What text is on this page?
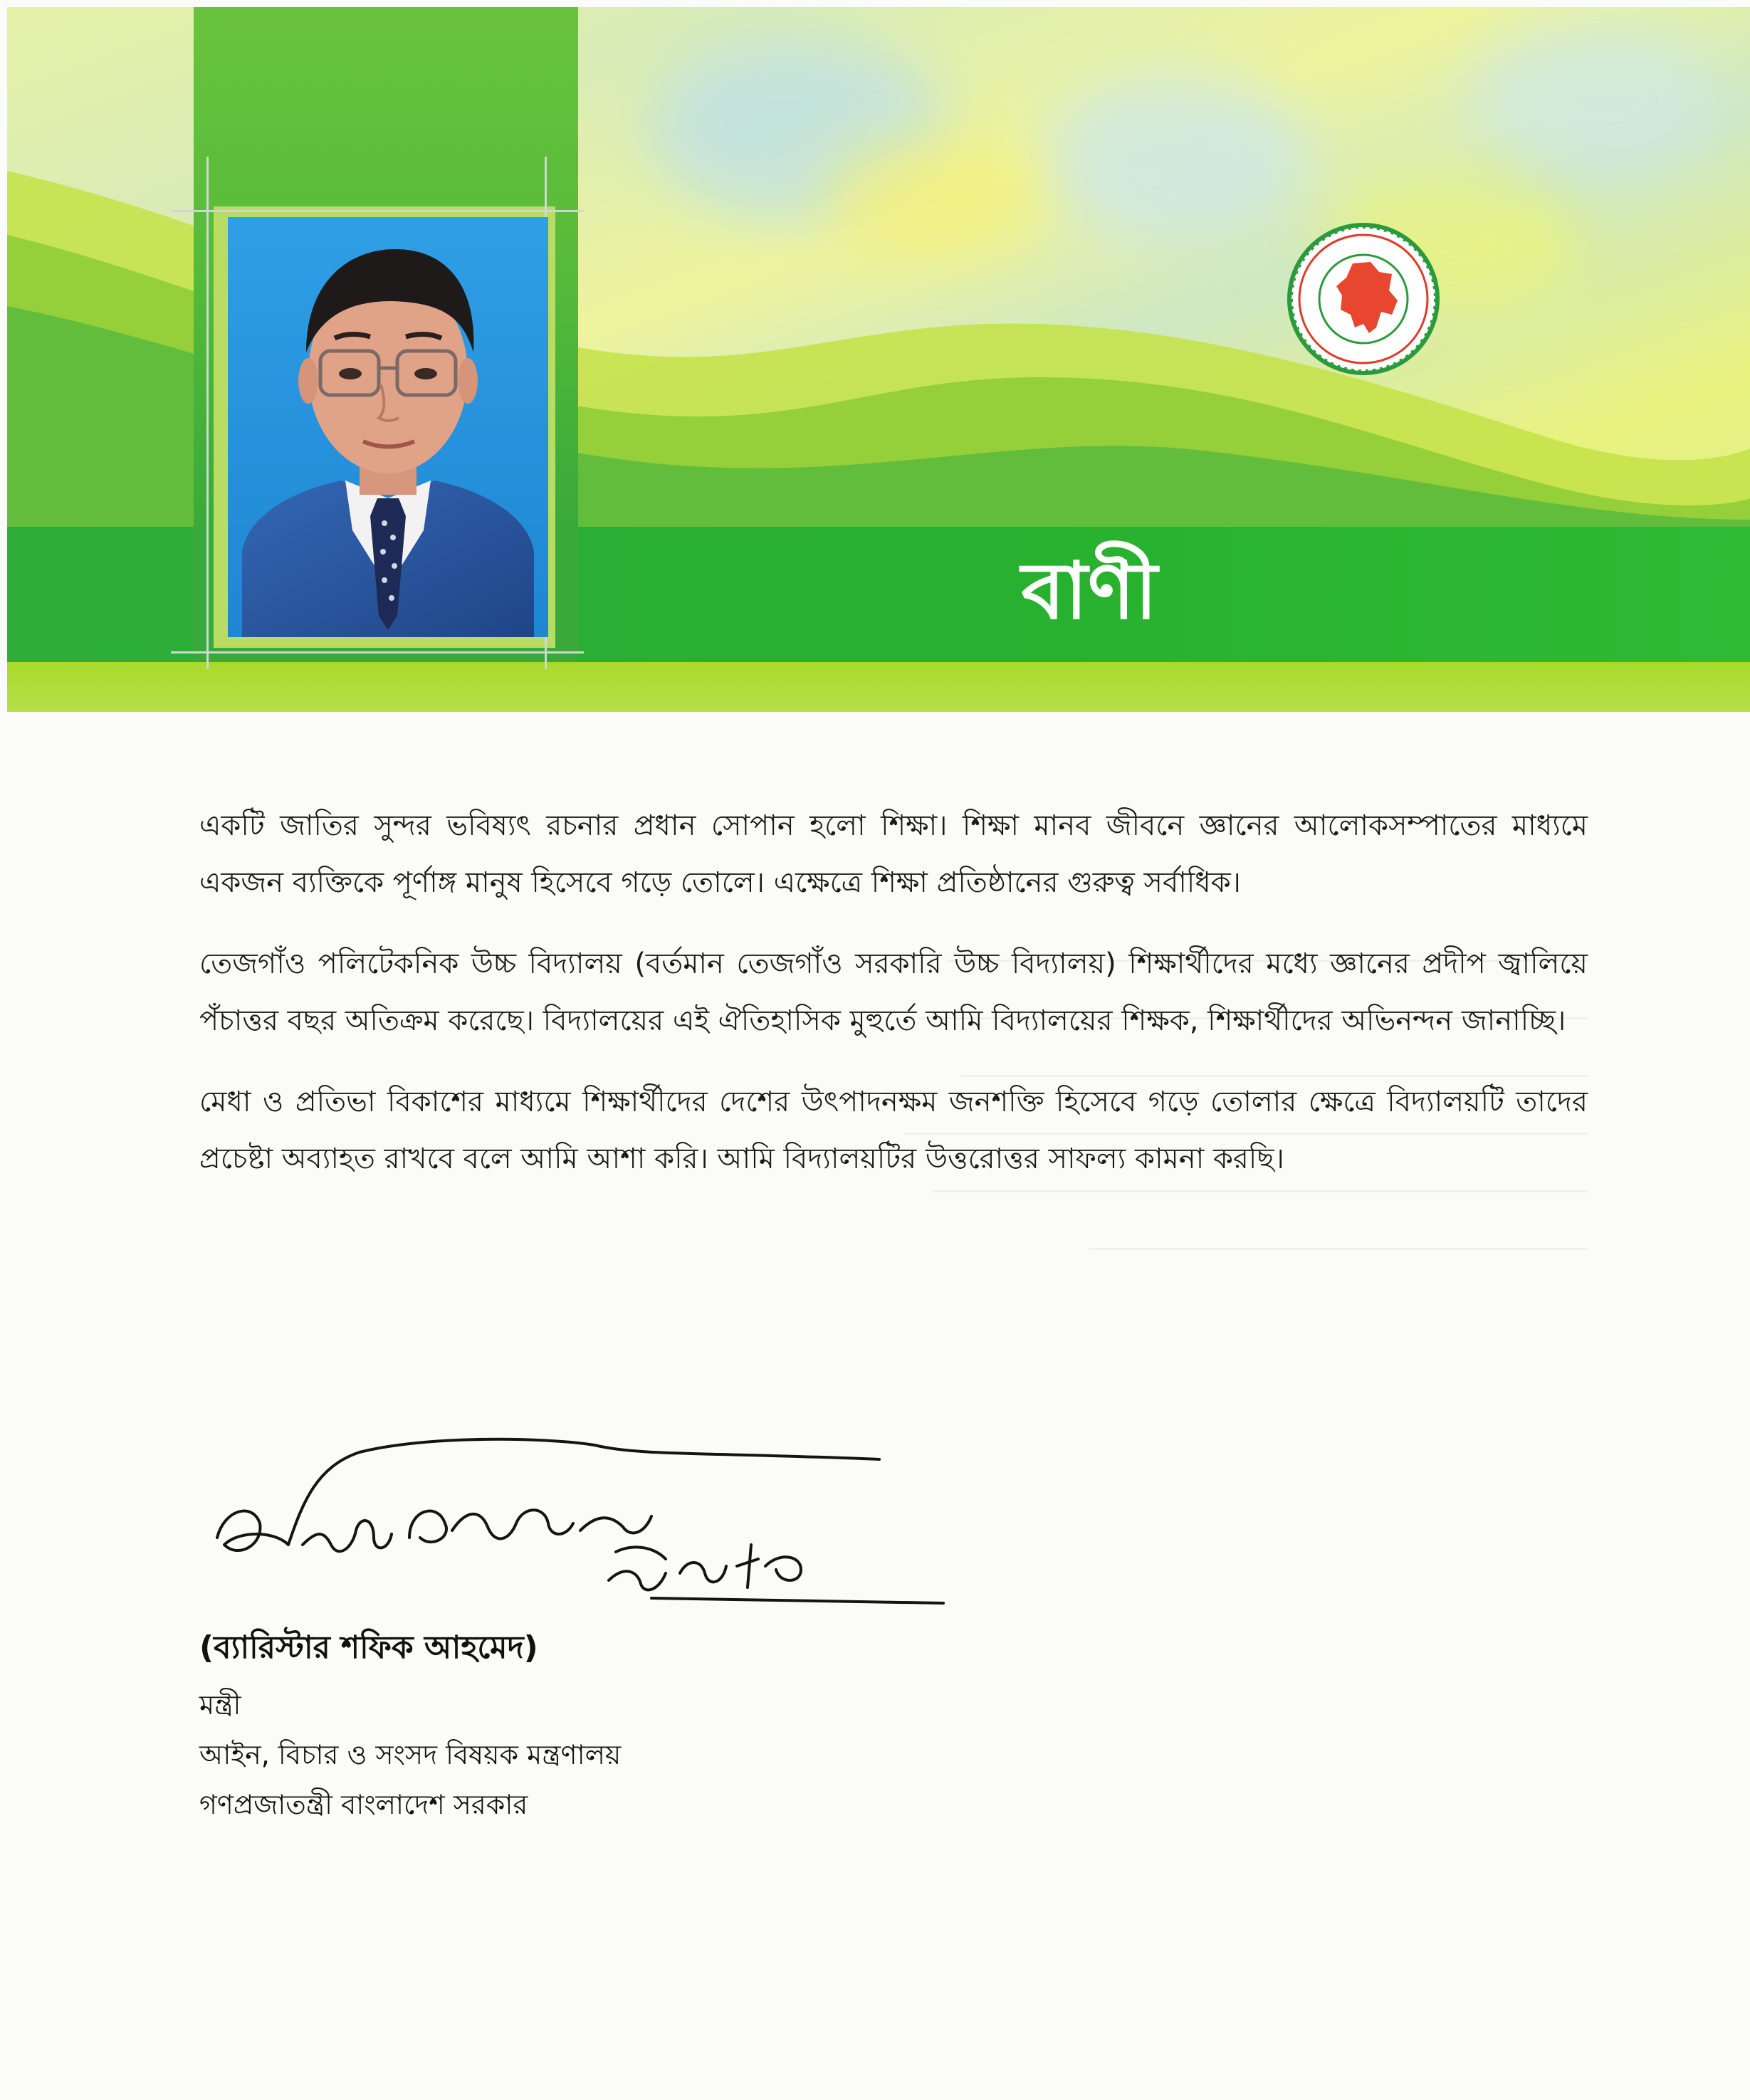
বাণী

একটি জাতির সুন্দর ভবিষ্যৎ রচনার প্রধান সোপান হলো শিক্ষা। শিক্ষা মানব জীবনে জ্ঞানের আলোকসম্পাতের মাধ্যমে একজন ব্যক্তিকে পূর্ণাঙ্গ মানুষ হিসেবে গড়ে তোলে। এক্ষেত্রে শিক্ষা প্রতিষ্ঠানের গুরুত্ব সর্বাধিক।

তেজগাঁও পলিটেকনিক উচ্চ বিদ্যালয় (বর্তমান তেজগাঁও সরকারি উচ্চ বিদ্যালয়) শিক্ষার্থীদের মধ্যে জ্ঞানের প্রদীপ জ্বালিয়ে পঁচাত্তর বছর অতিক্রম করেছে। বিদ্যালয়ের এই ঐতিহাসিক মুহুর্তে আমি বিদ্যালয়ের শিক্ষক, শিক্ষার্থীদের অভিনন্দন জানাচ্ছি।

মেধা ও প্রতিভা বিকাশের মাধ্যমে শিক্ষার্থীদের দেশের উৎপাদনক্ষম জনশক্তি হিসেবে গড়ে তোলার ক্ষেত্রে বিদ্যালয়টি তাদের প্রচেষ্টা অব্যাহত রাখবে বলে আমি আশা করি। আমি বিদ্যালয়টির উত্তরোত্তর সাফল্য কামনা করছি।

(ব্যারিস্টার শফিক আহমেদ)
মন্ত্রী
আইন, বিচার ও সংসদ বিষয়ক মন্ত্রণালয়
গণপ্রজাতন্ত্রী বাংলাদেশ সরকার
